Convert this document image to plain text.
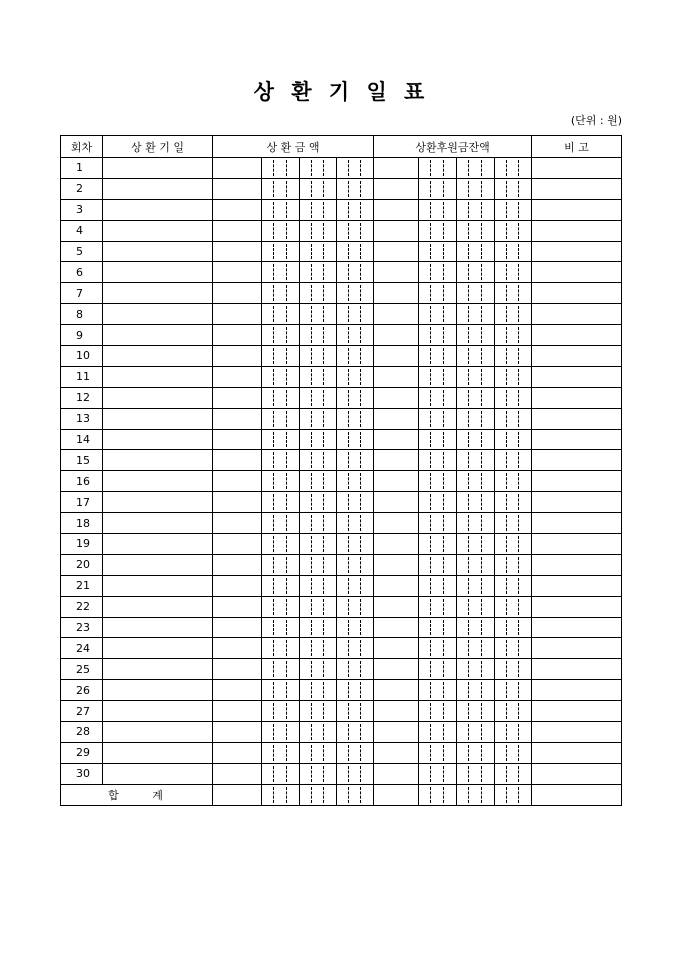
상 환 기 일 표
(단위 : 원)
회차	상 환 기 일	상 환 금 액				상환후원금잔액				비 고
1										
2										
3										
4										
5										
6										
7										
8										
9										
10										
11										
12										
13										
14										
15										
16										
17										
18										
19										
20										
21										
22										
23										
24										
25										
26										
27										
28										
29										
30										
합 계										
